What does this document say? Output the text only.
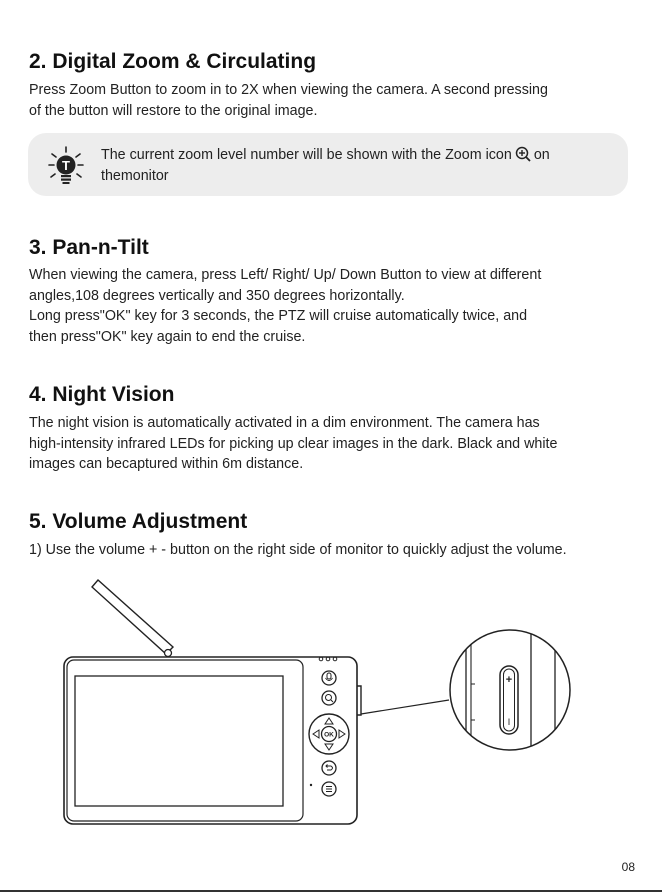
2. Digital Zoom & Circulating

Press Zoom Button to zoom in to 2X when viewing the camera. A second pressing
of the button will restore to the original image.

T
The current zoom level number will be shown with the Zoom icon on
themonitor
3. Pan-n-Tilt

When viewing the camera, press Left/ Right/ Up/ Down Button to view at different
angles,108 degrees vertically and 350 degrees horizontally.
Long press"OK" key for 3 seconds, the PTZ will cruise automatically twice, and
then press"OK" key again to end the cruise.

4. Night Vision

The night vision is automatically activated in a dim environment. The camera has
high-intensity infrared LEDs for picking up clear images in the dark. Black and white
images can becaptured within 6m distance.

5. Volume Adjustment

1) Use the volume + - button on the right side of monitor to quickly adjust the volume.

OK
+
I
08
